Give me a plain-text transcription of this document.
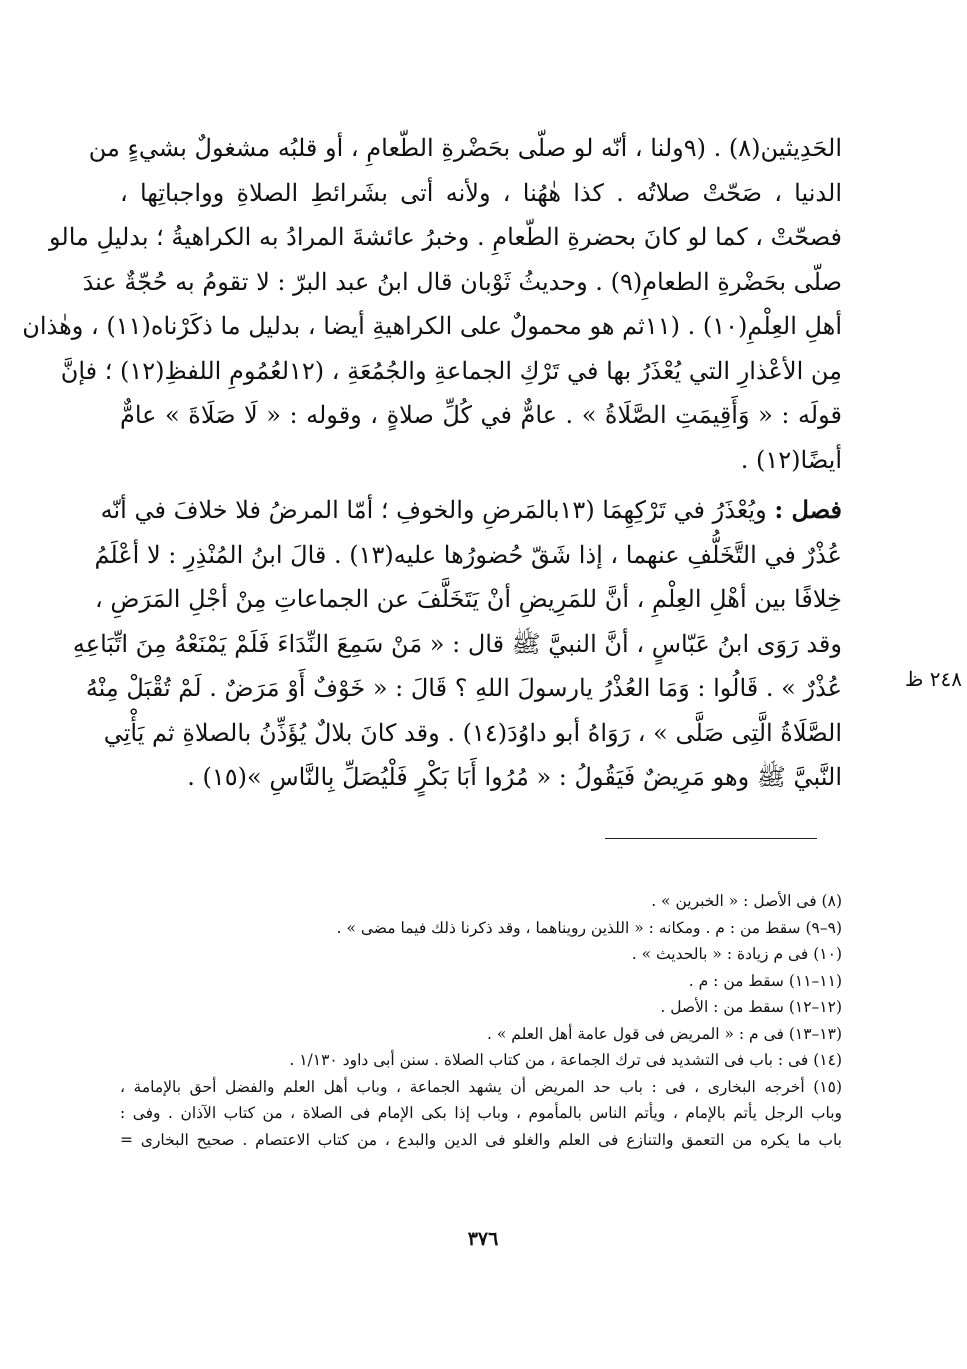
الحَدِيثين(٨) . (٩ولنا ، أنّه لو صلّى بحَضْرةِ الطّعامِ ، أو قلبُه مشغولٌ بشيءٍ من
الدنيا ، صَحّتْ صلاتُه . كذا هٰهُنا ، ولأنه أتى بشَرائطِ الصلاةِ وواجباتِها ،
فصحّتْ ، كما لو كانَ بحضرةِ الطّعامِ . وخبرُ عائشةَ المرادُ به الكراهيةُ ؛ بدليلِ مالو
صلّى بحَضْرةِ الطعامِ(٩) . وحديثُ ثَوْبان قال ابنُ عبد البرّ : لا تقومُ به حُجّةٌ عندَ
أهلِ العِلْمِ(١٠) . (١١ثم هو محمولٌ على الكراهيةِ أيضا ، بدليل ما ذكَرْناه(١١) ، وهٰذان
مِن الأعْذارِ التي يُعْذَرُ بها في تَرْكِ الجماعةِ والجُمُعَةِ ، (١٢لعُمُومِ اللفظِ(١٢) ؛ فإنَّ
قولَه : « وَأَقِيمَتِ الصَّلَاةُ » . عامٌّ في كُلِّ صلاةٍ ، وقوله : « لَا صَلَاةَ » عامٌّ
أيضًا(١٢) .
فصل : ويُعْذَرُ في تَرْكِهِمَا (١٣بالمَرضِ والخوفِ ؛ أمّا المرضُ فلا خلافَ في أنّه
عُذْرٌ في التَّخَلُّفِ عنهما ، إذا شَقّ حُضورُها عليه(١٣) . قالَ ابنُ المُنْذِرِ : لا أعْلَمُ
خِلافًا بين أهْلِ العِلْمِ ، أنَّ للمَرِيضِ أنْ يَتَخَلَّفَ عن الجماعاتِ مِنْ أجْلِ المَرَضِ ،
وقد رَوَى ابنُ عَبّاسٍ ، أنَّ النبيَّ ﷺ قال : « مَنْ سَمِعَ النِّدَاءَ فَلَمْ يَمْنَعْهُ مِنَ اتِّبَاعِهِ
عُذْرٌ » . قَالُوا : وَمَا العُذْرُ يارسولَ اللهِ ؟ قَالَ : « خَوْفٌ أَوْ مَرَضٌ . لَمْ تُقْبَلْ مِنْهُ
الصَّلَاةُ الَّتِى صَلَّى » ، رَوَاهُ أبو داوُدَ(١٤) . وقد كانَ بلالٌ يُؤَذِّنُ بالصلاةِ ثم يَأْتِي
النَّبيَّ ﷺ وهو مَرِيضٌ فَيَقُولُ : « مُرُوا أَبَا بَكْرٍ فَلْيُصَلِّ بِالنَّاسِ »(١٥) .
٢٤٨ ظ
(٨) فى الأصل : « الخبرين » .
(٩–٩) سقط من : م . ومكانه : « اللذين رويناهما ، وقد ذكرنا ذلك فيما مضى » .
(١٠) فى م زيادة : « بالحديث » .
(١١–١١) سقط من : م .
(١٢–١٢) سقط من : الأصل .
(١٣–١٣) فى م : « المريض فى قول عامة أهل العلم » .
(١٤) فى : باب فى التشديد فى ترك الجماعة ، من كتاب الصلاة . سنن أبى داود ١/١٣٠ .
(١٥) أخرجه البخارى ، فى : باب حد المريض أن يشهد الجماعة ، وباب أهل العلم والفضل أحق بالإمامة ،
وباب الرجل يأتم بالإمام ، ويأتم الناس بالمأموم ، وباب إذا بكى الإمام فى الصلاة ، من كتاب الآذان . وفى :
باب ما يكره من التعمق والتنازع فى العلم والغلو فى الدين والبدع ، من كتاب الاعتصام . صحيح البخارى =
٣٧٦
